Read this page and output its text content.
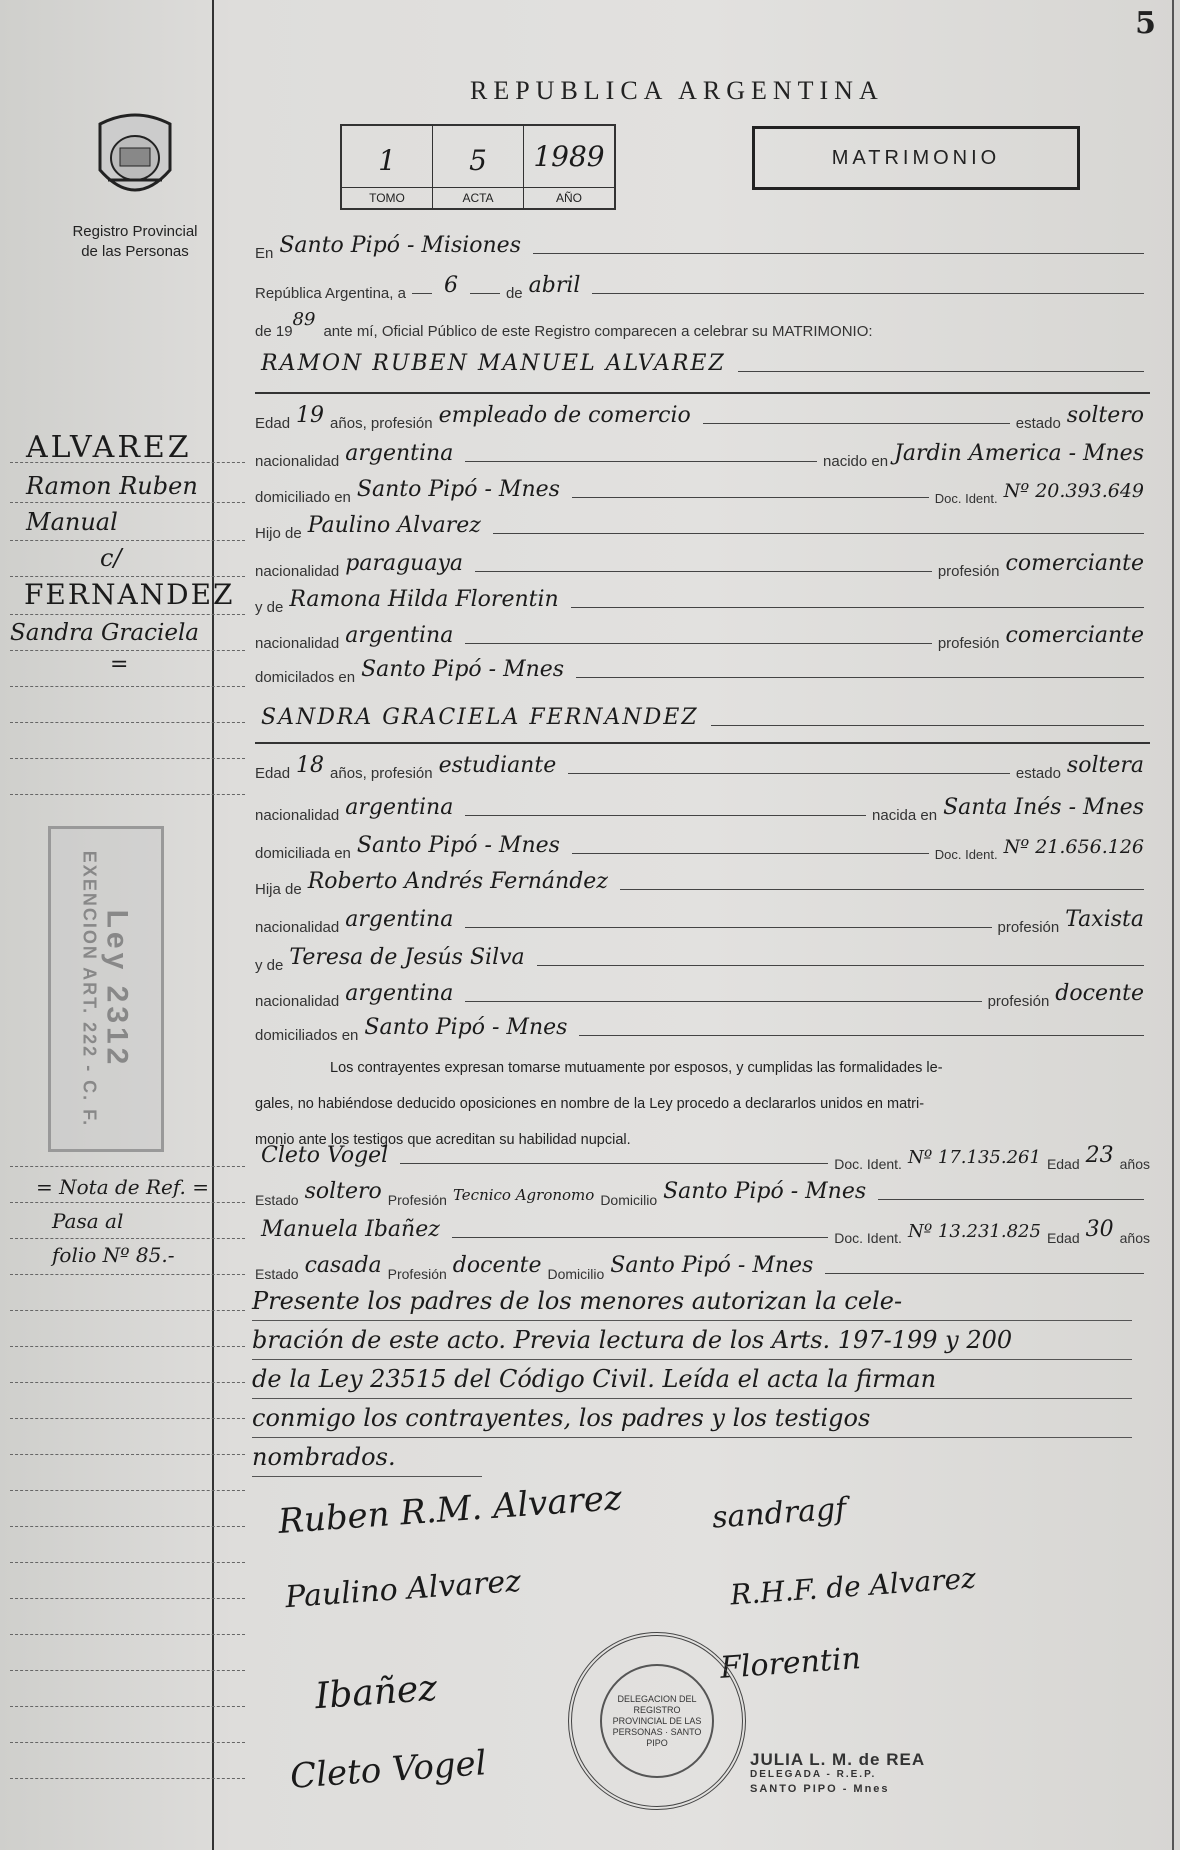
5
REPUBLICA ARGENTINA
Registro Provincial
de las Personas
1
TOMO
5
ACTA
1989
AÑO
MATRIMONIO
En Santo Pipó - Misiones
República Argentina, a 6	de abril
de 19
89
ante mí, Oficial Público de este Registro comparecen a celebrar su MATRIMONIO:
RAMON RUBEN MANUEL ALVAREZ
Edad 19 años, profesión empleado de comercio	estado soltero
nacionalidad argentina	nacido en Jardin America - Mnes
domiciliado en Santo Pipó - Mnes	Doc. Ident. Nº 20.393.649
Hijo de Paulino Alvarez
nacionalidad paraguaya	profesión comerciante
y de Ramona Hilda Florentin
nacionalidad argentina	profesión comerciante
domicilados en Santo Pipó - Mnes
SANDRA GRACIELA FERNANDEZ
Edad 18 años, profesión estudiante	estado soltera
nacionalidad argentina	nacida en Santa Inés - Mnes
domiciliada en Santo Pipó - Mnes	Doc. Ident. Nº 21.656.126
Hija de Roberto Andrés Fernández
nacionalidad argentina	profesión Taxista
y de Teresa de Jesús Silva
nacionalidad argentina	profesión docente
domiciliados en Santo Pipó - Mnes
Los contrayentes expresan tomarse mutuamente por esposos, y cumplidas las formalidades le-
gales, no habiéndose deducido oposiciones en nombre de la Ley procedo a declararlos unidos en matri-
monio ante los testigos que acreditan su habilidad nupcial.
Cleto Vogel	Doc. Ident. Nº 17.135.261 Edad 23 años
Estado soltero Profesión Tecnico Agronomo Domicilio Santo Pipó - Mnes
Manuela Ibañez	Doc. Ident. Nº 13.231.825 Edad 30 años
Estado casada Profesión docente Domicilio Santo Pipó - Mnes
Presente los padres de los menores autorizan la cele-
bración de este acto. Previa lectura de los Arts. 197-199 y 200
de la Ley 23515 del Código Civil. Leída el acta la firman
conmigo los contrayentes, los padres y los testigos
nombrados.
Ruben R.M. Alvarez	sandragf
Paulino Alvarez	R.H.F. de Alvarez
Florentin
Ibañez
Cleto Vogel
DELEGACION DEL REGISTRO PROVINCIAL DE LAS PERSONAS · SANTO PIPO
JULIA L. M. de REA
DELEGADA - R.E.P.
SANTO PIPO - Mnes
ALVAREZ
Ramon Ruben
Manual
c/
FERNANDEZ
Sandra Graciela
=
Ley 2312
EXENCION ART. 222 - C. F.
= Nota de Ref. =
Pasa al
folio Nº 85.-
